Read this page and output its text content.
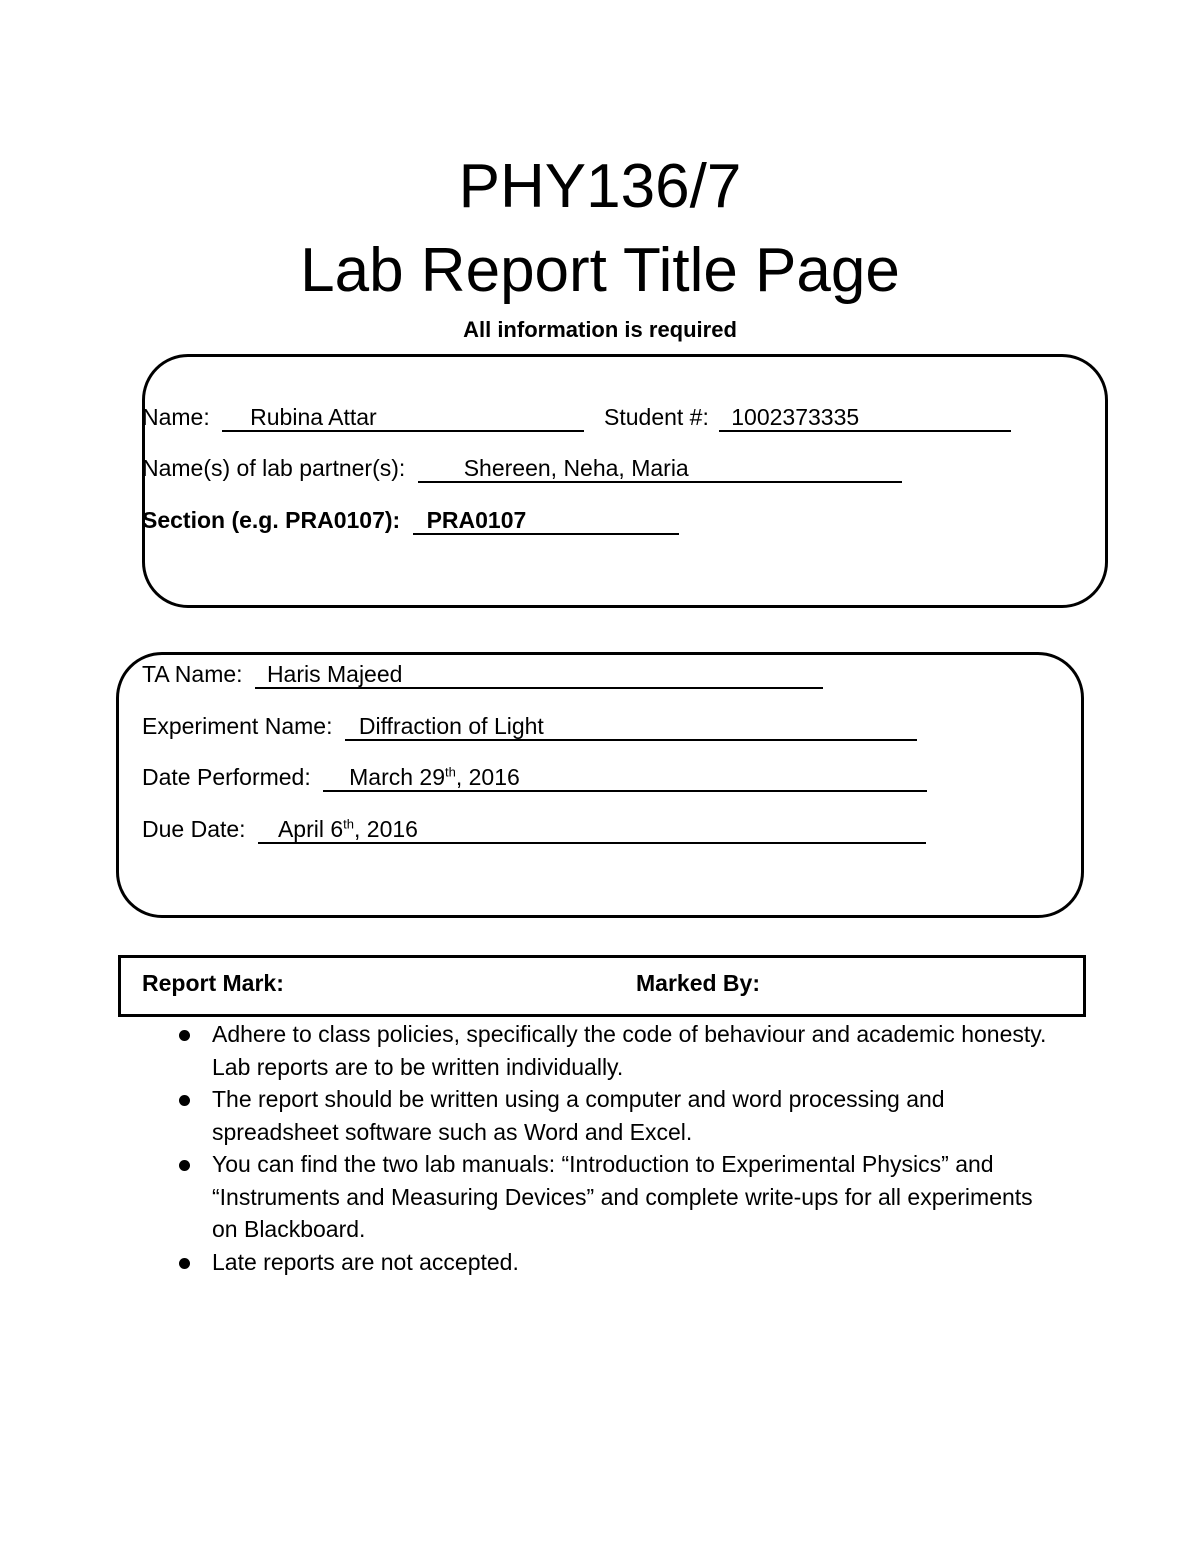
PHY136/7
Lab Report Title Page
All information is required
Name: Rubina Attar	Student #: 1002373335
Name(s) of lab partner(s):	Shereen, Neha, Maria
Section (e.g. PRA0107): PRA0107
TA Name: Haris Majeed
Experiment Name: Diffraction of Light
Date Performed: March 29th, 2016
Due Date: April 6th, 2016
Report Mark:	Marked By:

Adhere to class policies, specifically the code of behaviour and academic honesty. Lab reports are to be written individually.

The report should be written using a computer and word processing and spreadsheet software such as Word and Excel.

You can find the two lab manuals: “Introduction to Experimental Physics” and “Instruments and Measuring Devices” and complete write-ups for all experiments on Blackboard.

Late reports are not accepted.
